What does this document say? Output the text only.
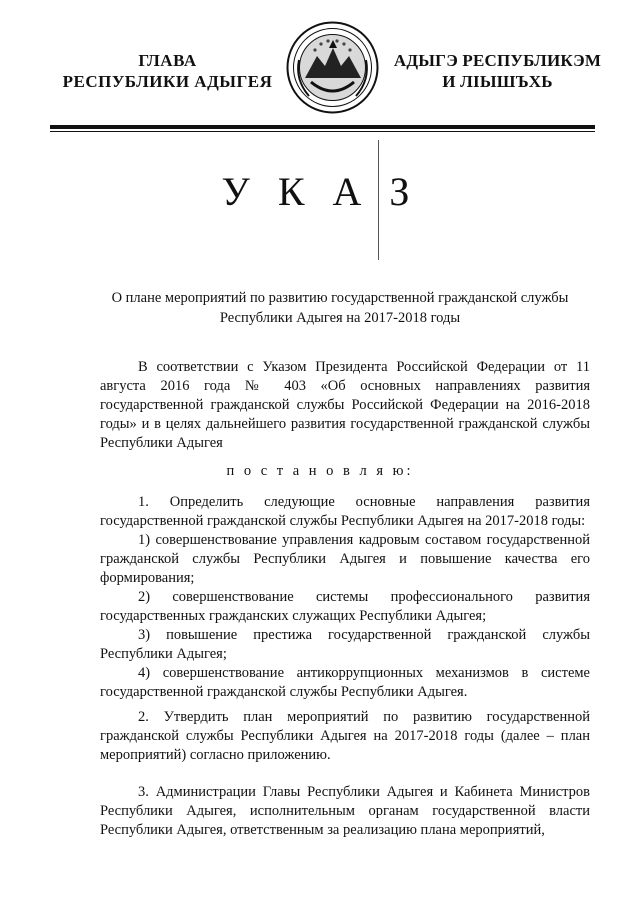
ГЛАВА
РЕСПУБЛИКИ АДЫГЕЯ
АДЫГЭ РЕСПУБЛИКЭМ
И ЛІЫШЪХЬ
У К А З
О плане мероприятий по развитию государственной гражданской службы
Республики Адыгея на 2017-2018 годы

В соответствии с Указом Президента Российской Федерации от 11 августа 2016 года № 403 «Об основных направлениях развития государственной гражданской службы Российской Федерации на 2016-2018 годы» и в целях дальнейшего развития государственной гражданской службы Республики Адыгея

п о с т а н о в л я ю:

1. Определить следующие основные направления развития государственной гражданской службы Республики Адыгея на 2017-2018 годы:

1) совершенствование управления кадровым составом государственной гражданской службы Республики Адыгея и повышение качества его формирования;

2) совершенствование системы профессионального развития государственных гражданских служащих Республики Адыгея;

3) повышение престижа государственной гражданской службы Республики Адыгея;

4) совершенствование антикоррупционных механизмов в системе государственной гражданской службы Республики Адыгея.

2. Утвердить план мероприятий по развитию государственной гражданской службы Республики Адыгея на 2017-2018 годы (далее – план мероприятий) согласно приложению.

3. Администрации Главы Республики Адыгея и Кабинета Министров Республики Адыгея, исполнительным органам государственной власти Республики Адыгея, ответственным за реализацию плана мероприятий,
